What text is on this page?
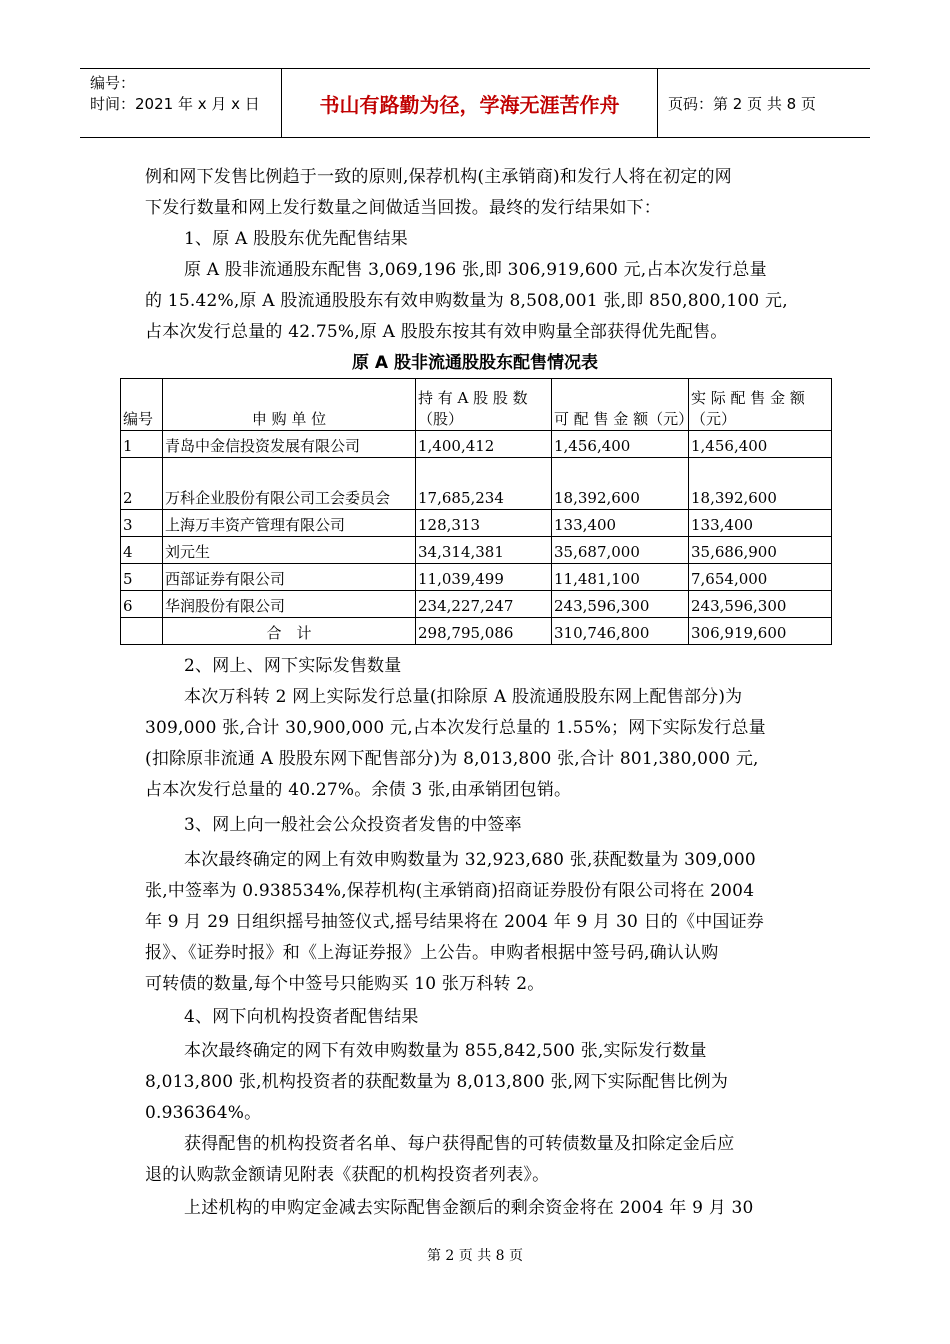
编号：
时间：2021 年 x 月 x 日	书山有路勤为径，学海无涯苦作舟	页码：第 2 页 共 8 页
例和网下发售比例趋于一致的原则,保荐机构(主承销商)和发行人将在初定的网
下发行数量和网上发行数量之间做适当回拨。最终的发行结果如下：
1、原 A 股股东优先配售结果
原 A 股非流通股东配售 3,069,196 张,即 306,919,600 元,占本次发行总量
的 15.42%,原 A 股流通股股东有效申购数量为 8,508,001 张,即 850,800,100 元,
占本次发行总量的 42.75%,原 A 股股东按其有效申购量全部获得优先配售。
原 A 股非流通股股东配售情况表
编号	申 购 单 位	持 有 A 股 股 数（股）	可 配 售 金 额（元）	实 际 配 售 金 额（元）
1	青岛中金信投资发展有限公司	1,400,412	1,456,400	1,456,400
2	万科企业股份有限公司工会委员会	17,685,234	18,392,600	18,392,600
3	上海万丰资产管理有限公司	128,313	133,400	133,400
4	刘元生	34,314,381	35,687,000	35,686,900
5	西部证券有限公司	11,039,499	11,481,100	7,654,000
6	华润股份有限公司	234,227,247	243,596,300	243,596,300
	合　计	298,795,086	310,746,800	306,919,600
2、网上、网下实际发售数量
本次万科转 2 网上实际发行总量(扣除原 A 股流通股股东网上配售部分)为
309,000 张,合计 30,900,000 元,占本次发行总量的 1.55%；网下实际发行总量
(扣除原非流通 A 股股东网下配售部分)为 8,013,800 张,合计 801,380,000 元,
占本次发行总量的 40.27%。余债 3 张,由承销团包销。
3、网上向一般社会公众投资者发售的中签率
本次最终确定的网上有效申购数量为 32,923,680 张,获配数量为 309,000
张,中签率为 0.938534%,保荐机构(主承销商)招商证券股份有限公司将在 2004
年 9 月 29 日组织摇号抽签仪式,摇号结果将在 2004 年 9 月 30 日的《中国证券
报》、《证券时报》和《上海证券报》上公告。申购者根据中签号码,确认认购
可转债的数量,每个中签号只能购买 10 张万科转 2。
4、网下向机构投资者配售结果
本次最终确定的网下有效申购数量为 855,842,500 张,实际发行数量
8,013,800 张,机构投资者的获配数量为 8,013,800 张,网下实际配售比例为
0.936364%。
获得配售的机构投资者名单、每户获得配售的可转债数量及扣除定金后应
退的认购款金额请见附表《获配的机构投资者列表》。
上述机构的申购定金减去实际配售金额后的剩余资金将在 2004 年 9 月 30
第 2 页 共 8 页
